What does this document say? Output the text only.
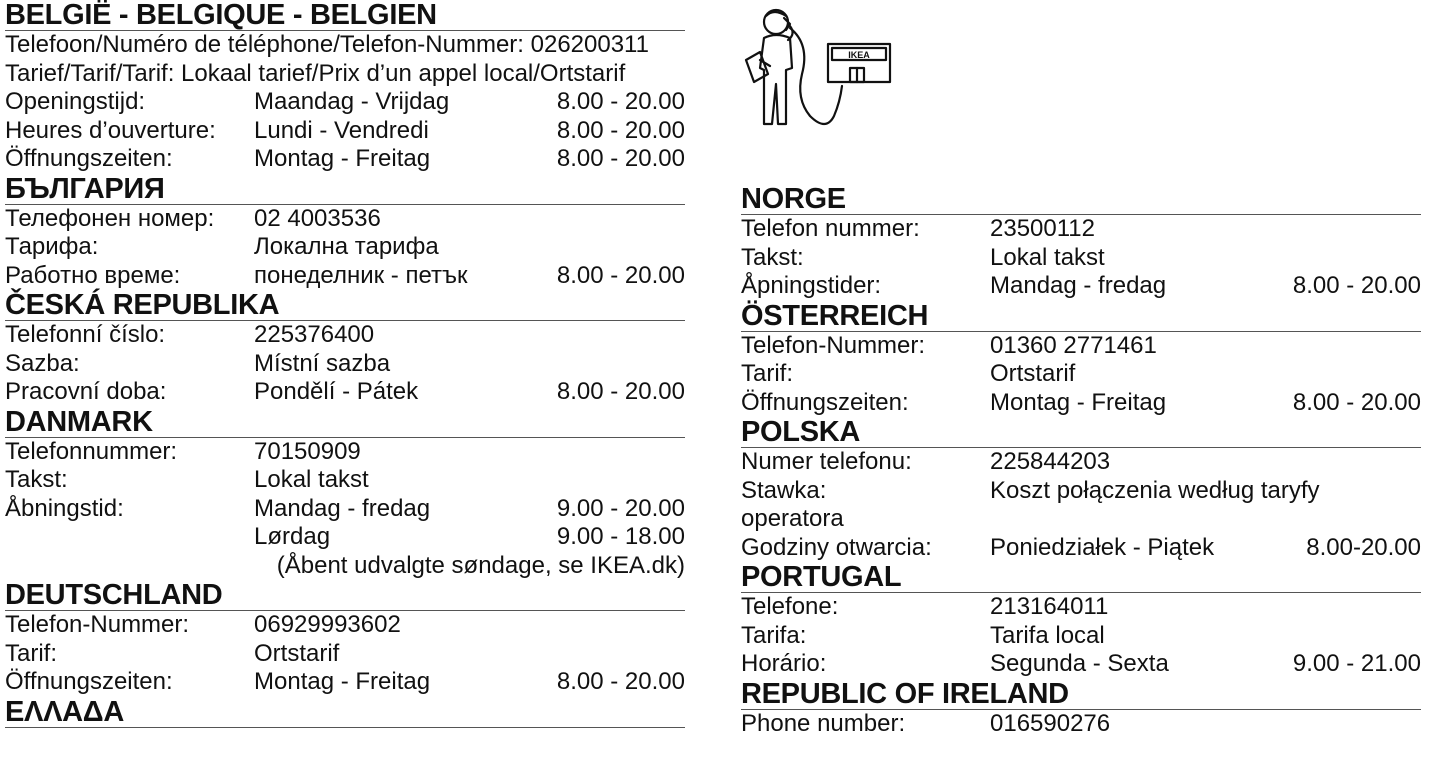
BELGIË - BELGIQUE - BELGIEN
Telefoon/Numéro de téléphone/Telefon-Nummer: 026200311
Tarief/Tarif/Tarif: Lokaal tarief/Prix d’un appel local/Ortstarif
Openingstijd:	Maandag - Vrijdag	8.00 - 20.00
Heures d’ouverture: Lundi - Vendredi	8.00 - 20.00
Öffnungszeiten:	Montag - Freitag	8.00 - 20.00
БЪЛГАРИЯ
Телефонен номер: 02 4003536
Тарифа:	Локална тарифа
Работно време:	понеделник - петък	8.00 - 20.00
ČESKÁ REPUBLIKA
Telefonní číslo:	225376400
Sazba:	Místní sazba
Pracovní doba:	Pondělí - Pátek	8.00 - 20.00
DANMARK
Telefonnummer:	70150909
Takst:	Lokal takst
Åbningstid:	Mandag - fredag	9.00 - 20.00
Lørdag	9.00 - 18.00
(Åbent udvalgte søndage, se IKEA.dk)
DEUTSCHLAND
Telefon-Nummer:	06929993602
Tarif:	Ortstarif
Öffnungszeiten:	Montag - Freitag	8.00 - 20.00
ΕΛΛΑΔΑ
IKEA
NORGE
Telefon nummer:	23500112
Takst:	Lokal takst
Åpningstider:	Mandag - fredag	8.00 - 20.00
ÖSTERREICH
Telefon-Nummer:	01360 2771461
Tarif:	Ortstarif
Öffnungszeiten:	Montag - Freitag	8.00 - 20.00
POLSKA
Numer telefonu:	225844203
Stawka:	Koszt połączenia według taryfy
operatora
Godziny otwarcia: Poniedziałek - Piątek	8.00-20.00
PORTUGAL
Telefone:	213164011
Tarifa:	Tarifa local
Horário:	Segunda - Sexta	9.00 - 21.00
REPUBLIC OF IRELAND
Phone number:	016590276
